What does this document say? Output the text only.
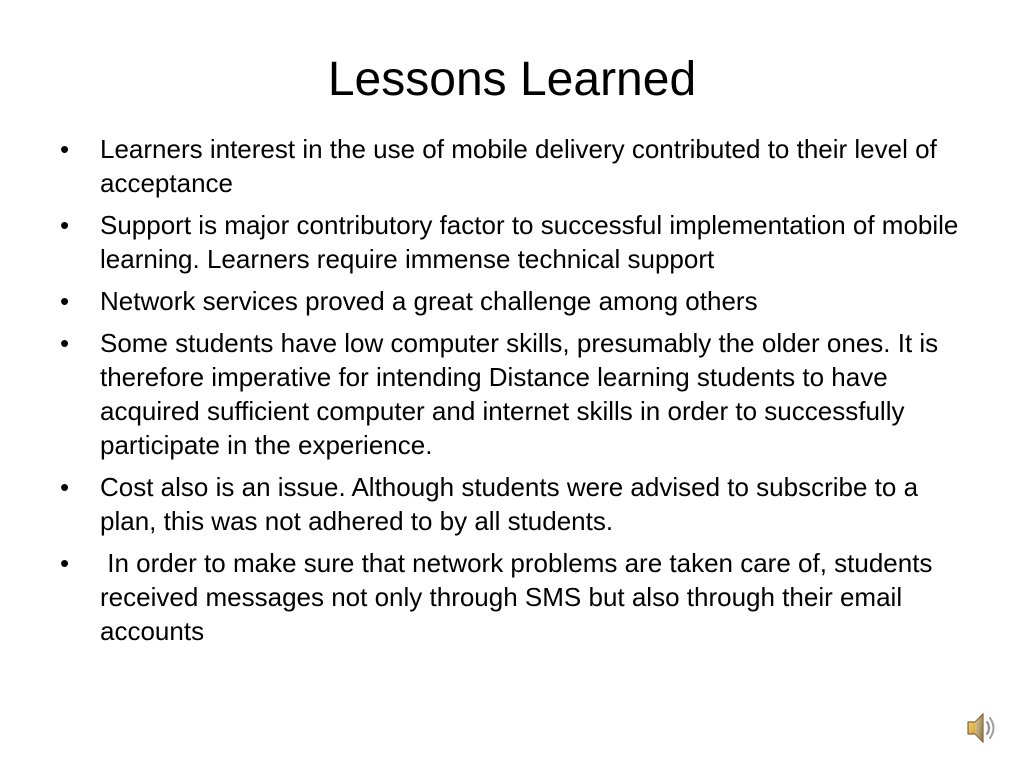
Lessons Learned
•	Learners interest in the use of mobile delivery contributed to their level of acceptance
•	Support is major contributory factor to successful implementation of mobile learning. Learners require immense technical support
•	Network services proved a great challenge among others
•	Some students have low computer skills, presumably the older ones. It is therefore imperative for intending Distance learning students to have acquired sufficient computer and internet skills in order to successfully participate in the experience.
•	Cost also is an issue. Although students were advised to subscribe to a plan, this was not adhered to by all students.
•	In order to make sure that network problems are taken care of, students received messages not only through SMS but also through their email accounts
